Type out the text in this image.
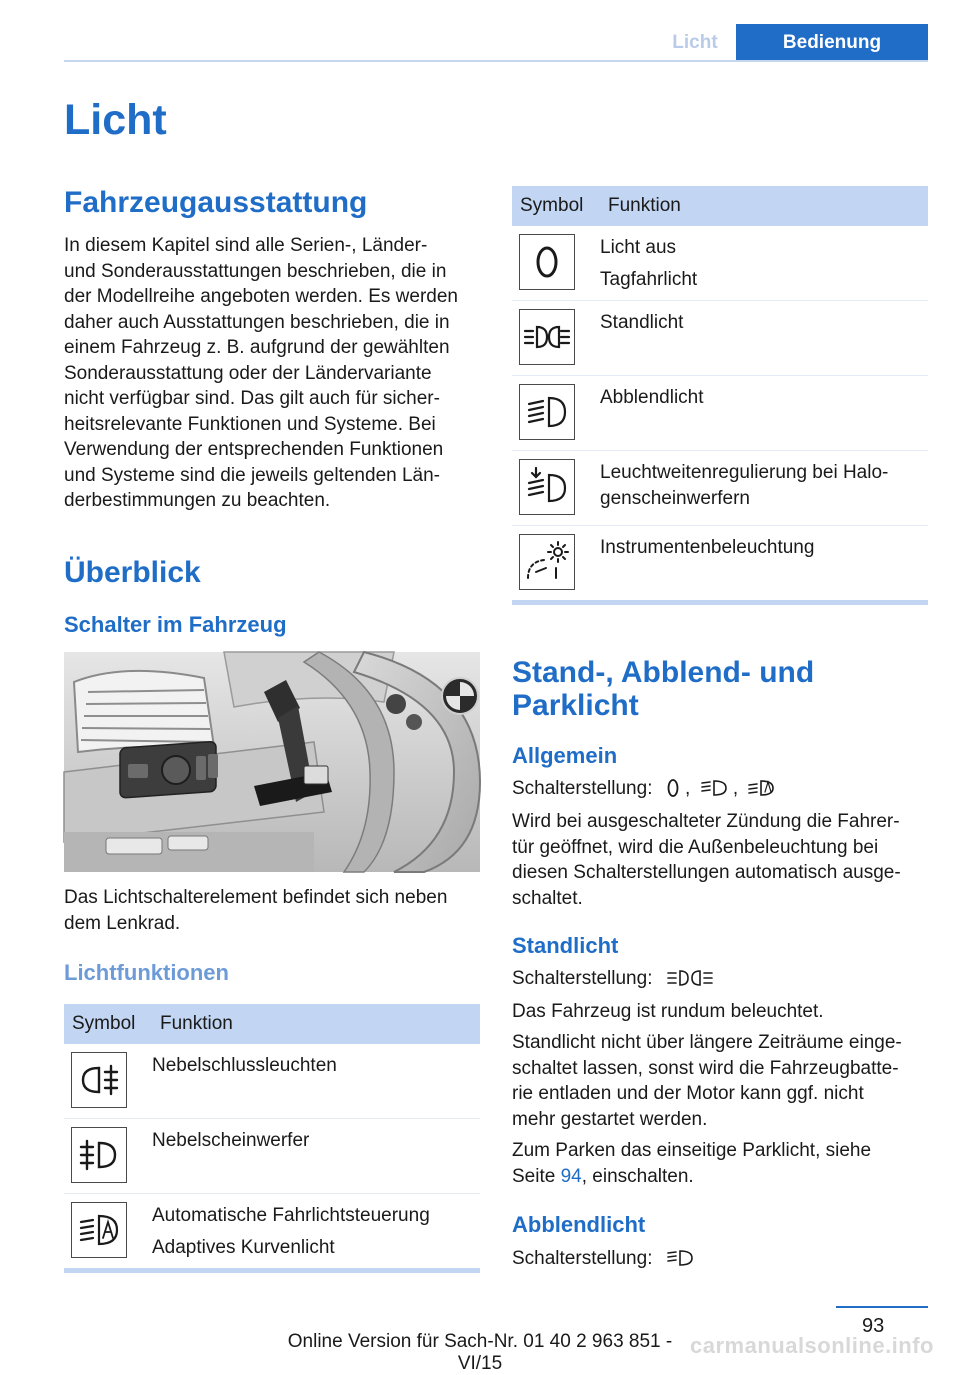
Licht	Bedienung
Licht
Fahrzeugausstattung
In diesem Kapitel sind alle Serien-, Länder-
und Sonderausstattungen beschrieben, die in
der Modellreihe angeboten werden. Es werden
daher auch Ausstattungen beschrieben, die in
einem Fahrzeug z. B. aufgrund der gewählten
Sonderausstattung oder der Ländervariante
nicht verfügbar sind. Das gilt auch für sicher-
heitsrelevante Funktionen und Systeme. Bei
Verwendung der entsprechenden Funktionen
und Systeme sind die jeweils geltenden Län-
derbestimmungen zu beachten.
Überblick
Schalter im Fahrzeug
Das Lichtschalterelement befindet sich neben
dem Lenkrad.
Lichtfunktionen
Symbol	Funktion

Nebelschlussleuchten

Nebelscheinwerfer

Automatische Fahrlichtsteuerung
Adaptives Kurvenlicht
Symbol	Funktion

Licht aus
Tagfahrlicht

Standlicht

Abblendlicht

Leuchtweitenregulierung bei Halo-
genscheinwerfern

Instrumentenbeleuchtung
Stand-, Abblend- und
Parklicht
Allgemein
Schalterstellung: , ,
Wird bei ausgeschalteter Zündung die Fahrer-
tür geöffnet, wird die Außenbeleuchtung bei
diesen Schalterstellungen automatisch ausge-
schaltet.
Standlicht
Schalterstellung:
Das Fahrzeug ist rundum beleuchtet.
Standlicht nicht über längere Zeiträume einge-
schaltet lassen, sonst wird die Fahrzeugbatte-
rie entladen und der Motor kann ggf. nicht
mehr gestartet werden.
Zum Parken das einseitige Parklicht, siehe
Seite 94, einschalten.
Abblendlicht
Schalterstellung:
93
Online Version für Sach-Nr. 01 40 2 963 851 - VI/15
carmanualsonline.info
